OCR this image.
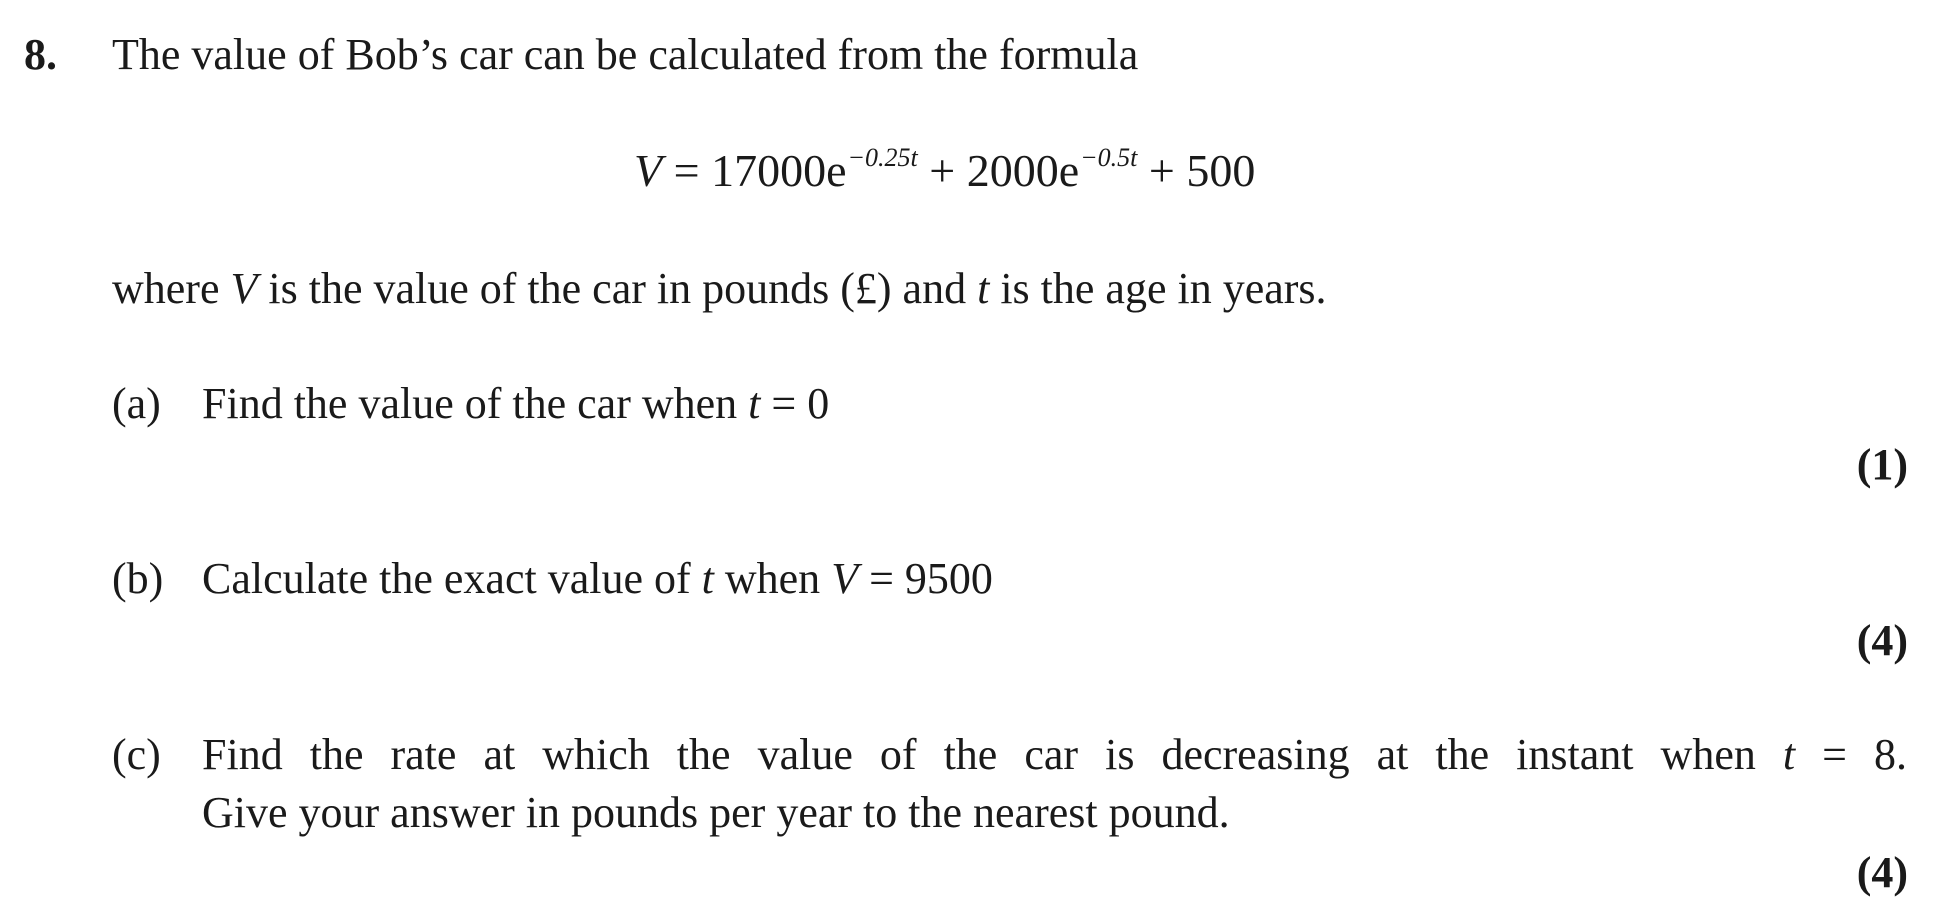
8. The value of Bob’s car can be calculated from the formula
$V = 17000e^{-0.25t} + 2000e^{-0.5t} + 500$
where V is the value of the car in pounds (£) and t is the age in years.
(a) Find the value of the car when t = 0
(1)
(b) Calculate the exact value of t when V = 9500
(4)
(c) Find the rate at which the value of the car is decreasing at the instant when t = 8.
Give your answer in pounds per year to the nearest pound.
(4)
